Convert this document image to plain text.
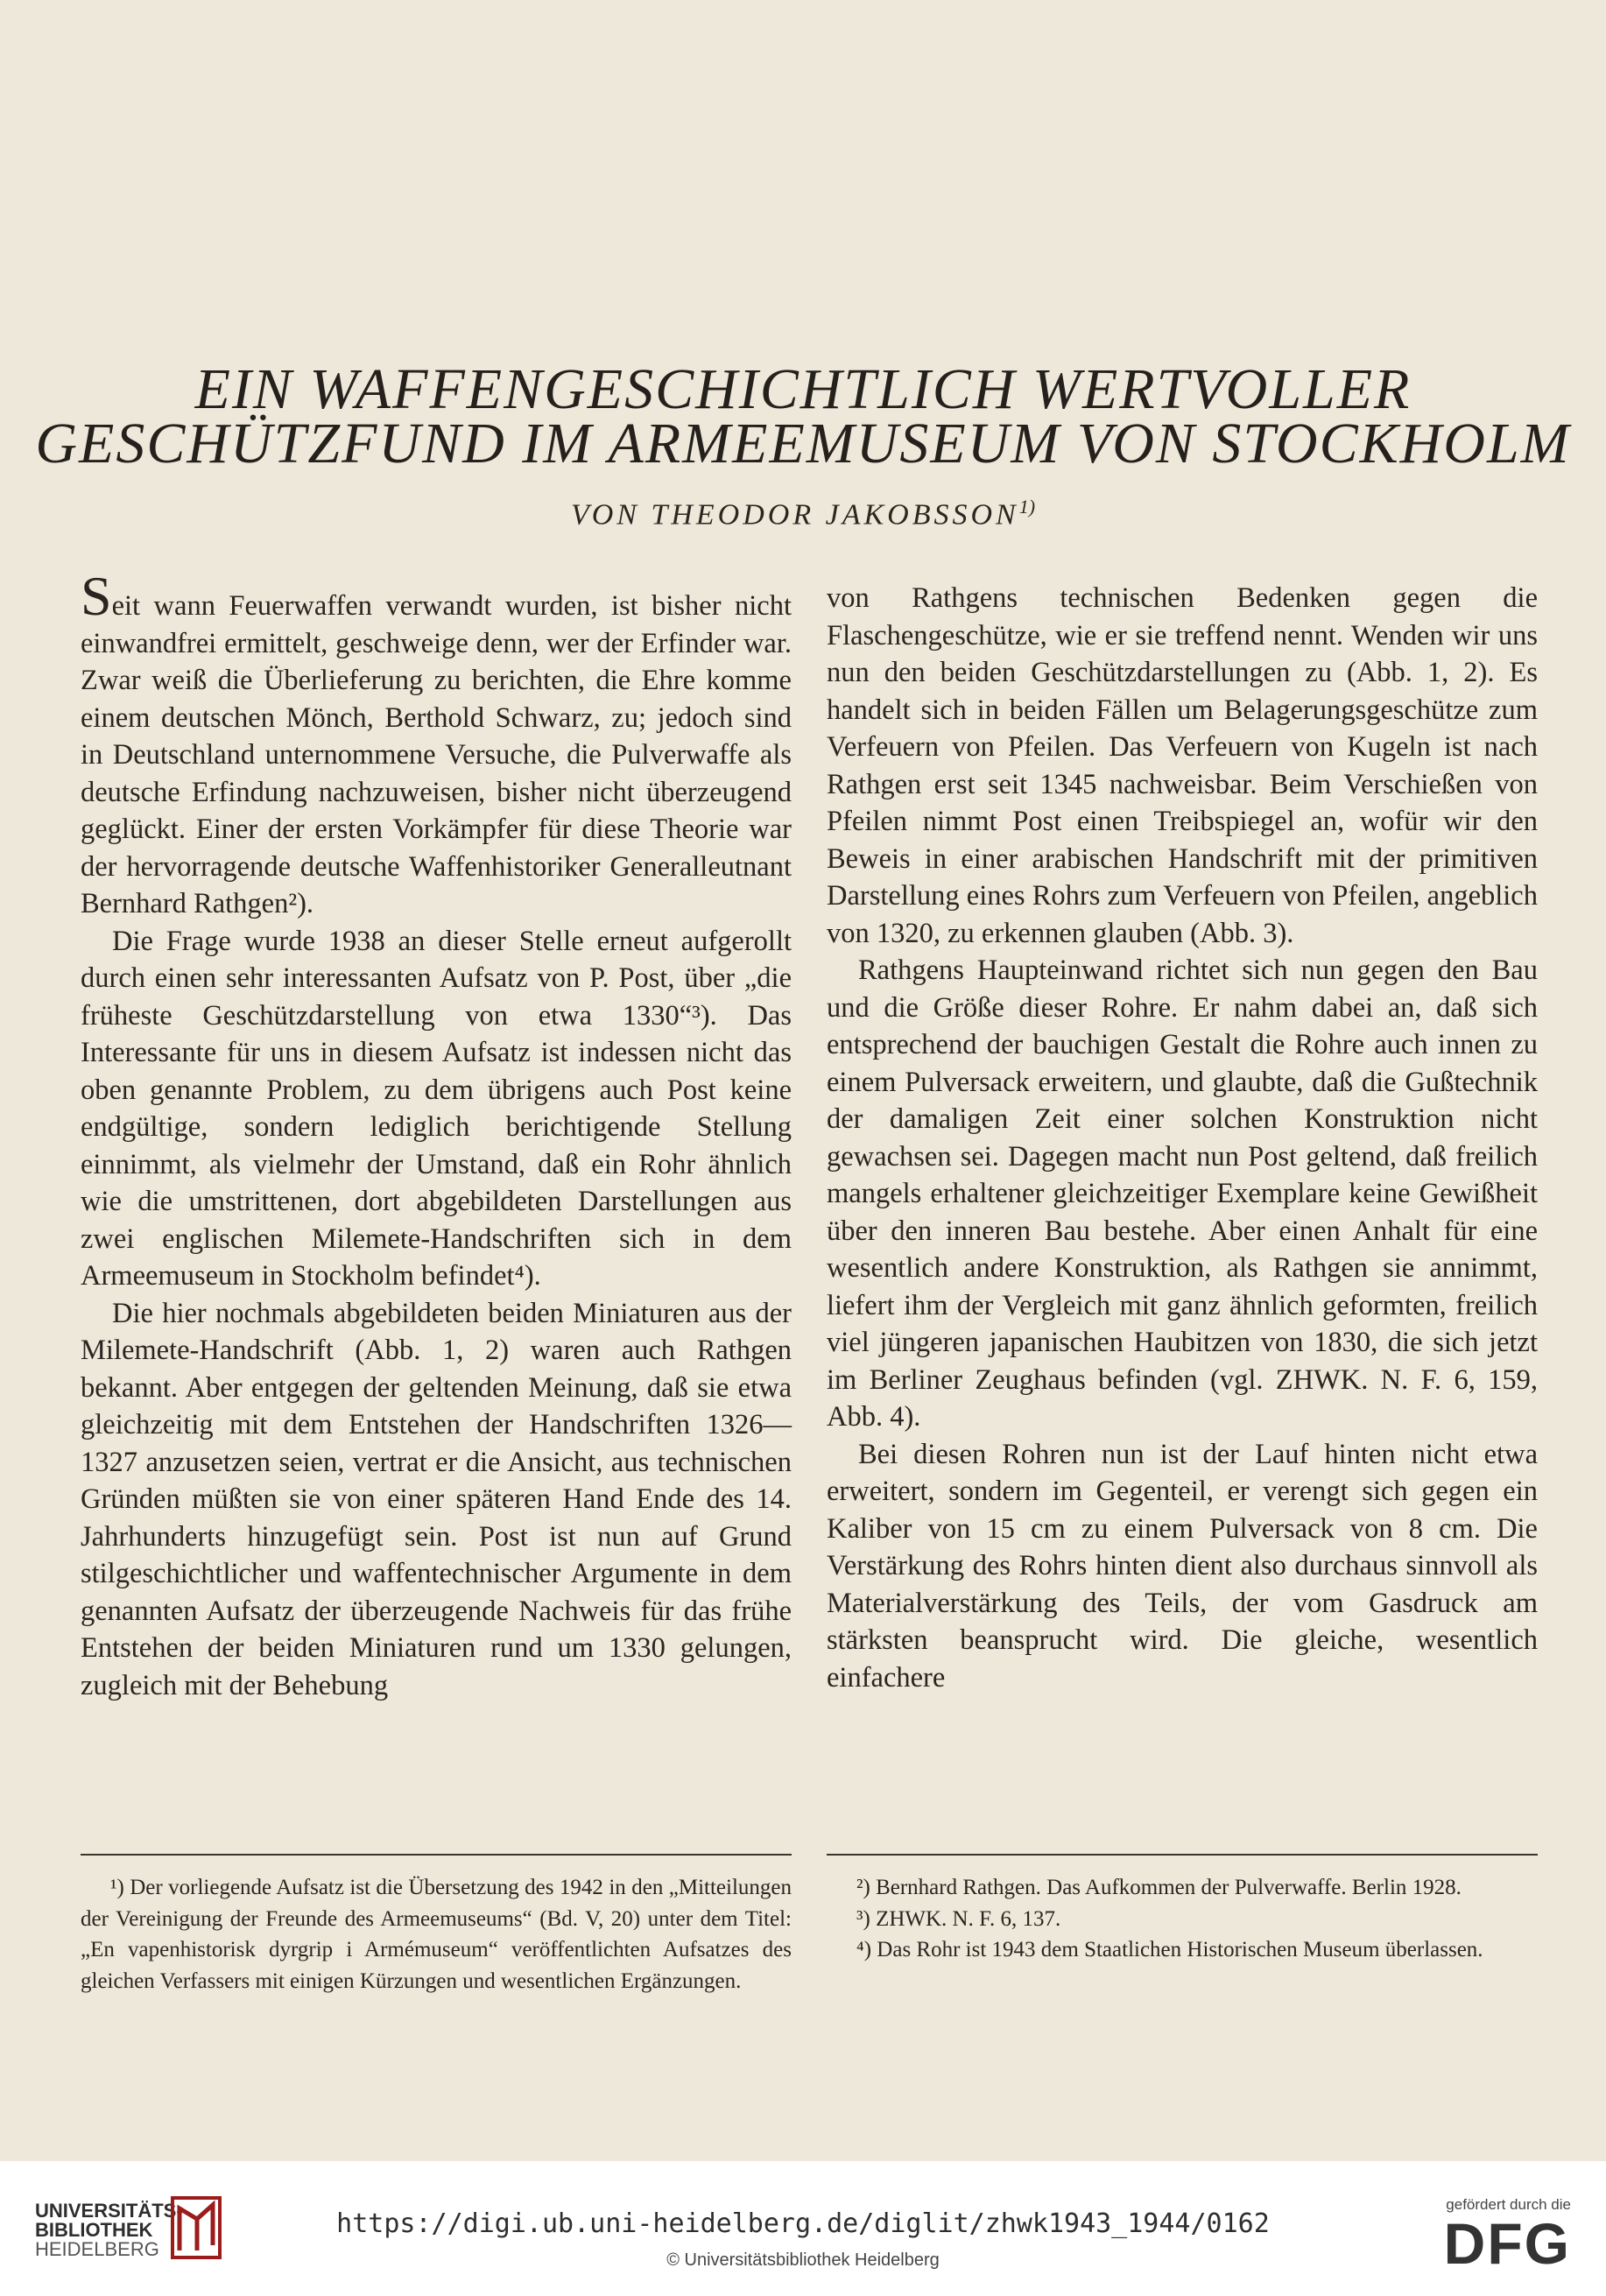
EIN WAFFENGESCHICHTLICH WERTVOLLER
GESCHÜTZFUND IM ARMEEMUSEUM VON STOCKHOLM
VON THEODOR JAKOBSSON$^{1)}$

Seit wann Feuerwaffen verwandt wurden, ist bisher nicht einwandfrei ermittelt, geschweige denn, wer der Erfinder war. Zwar weiß die Überlieferung zu berichten, die Ehre komme einem deutschen Mönch, Berthold Schwarz, zu; jedoch sind in Deutschland unternommene Versuche, die Pulverwaffe als deutsche Erfindung nachzuweisen, bisher nicht überzeugend geglückt. Einer der ersten Vorkämpfer für diese Theorie war der hervorragende deutsche Waffenhistoriker Generalleutnant Bernhard Rathgen²).

Die Frage wurde 1938 an dieser Stelle erneut aufgerollt durch einen sehr interessanten Aufsatz von P. Post, über „die früheste Geschützdarstellung von etwa 1330“³). Das Interessante für uns in diesem Aufsatz ist indessen nicht das oben genannte Problem, zu dem übrigens auch Post keine endgültige, sondern lediglich berichtigende Stellung einnimmt, als vielmehr der Umstand, daß ein Rohr ähnlich wie die umstrittenen, dort abgebildeten Darstellungen aus zwei englischen Milemete-Handschriften sich in dem Armeemuseum in Stockholm befindet⁴).

Die hier nochmals abgebildeten beiden Miniaturen aus der Milemete-Handschrift (Abb. 1, 2) waren auch Rathgen bekannt. Aber entgegen der geltenden Meinung, daß sie etwa gleichzeitig mit dem Entstehen der Handschriften 1326—1327 anzusetzen seien, vertrat er die Ansicht, aus technischen Gründen müßten sie von einer späteren Hand Ende des 14. Jahrhunderts hinzugefügt sein. Post ist nun auf Grund stilgeschichtlicher und waffentechnischer Argumente in dem genannten Aufsatz der überzeugende Nachweis für das frühe Entstehen der beiden Miniaturen rund um 1330 gelungen, zugleich mit der Behebung

von Rathgens technischen Bedenken gegen die Flaschengeschütze, wie er sie treffend nennt. Wenden wir uns nun den beiden Geschützdarstellungen zu (Abb. 1, 2). Es handelt sich in beiden Fällen um Belagerungsgeschütze zum Verfeuern von Pfeilen. Das Verfeuern von Kugeln ist nach Rathgen erst seit 1345 nachweisbar. Beim Verschießen von Pfeilen nimmt Post einen Treibspiegel an, wofür wir den Beweis in einer arabischen Handschrift mit der primitiven Darstellung eines Rohrs zum Verfeuern von Pfeilen, angeblich von 1320, zu erkennen glauben (Abb. 3).

Rathgens Haupteinwand richtet sich nun gegen den Bau und die Größe dieser Rohre. Er nahm dabei an, daß sich entsprechend der bauchigen Gestalt die Rohre auch innen zu einem Pulversack erweitern, und glaubte, daß die Gußtechnik der damaligen Zeit einer solchen Konstruktion nicht gewachsen sei. Dagegen macht nun Post geltend, daß freilich mangels erhaltener gleichzeitiger Exemplare keine Gewißheit über den inneren Bau bestehe. Aber einen Anhalt für eine wesentlich andere Konstruktion, als Rathgen sie annimmt, liefert ihm der Vergleich mit ganz ähnlich geformten, freilich viel jüngeren japanischen Haubitzen von 1830, die sich jetzt im Berliner Zeughaus befinden (vgl. ZHWK. N. F. 6, 159, Abb. 4).

Bei diesen Rohren nun ist der Lauf hinten nicht etwa erweitert, sondern im Gegenteil, er verengt sich gegen ein Kaliber von 15 cm zu einem Pulversack von 8 cm. Die Verstärkung des Rohrs hinten dient also durchaus sinnvoll als Materialverstärkung des Teils, der vom Gasdruck am stärksten beansprucht wird. Die gleiche, wesentlich einfachere

¹) Der vorliegende Aufsatz ist die Übersetzung des 1942 in den „Mitteilungen der Vereinigung der Freunde des Armeemuseums“ (Bd. V, 20) unter dem Titel: „En vapenhistorisk dyrgrip i Armémuseum“ veröffentlichten Aufsatzes des gleichen Verfassers mit einigen Kürzungen und wesentlichen Ergänzungen.

²) Bernhard Rathgen. Das Aufkommen der Pulverwaffe. Berlin 1928.

³) ZHWK. N. F. 6, 137.

⁴) Das Rohr ist 1943 dem Staatlichen Historischen Museum überlassen.

UNIVERSITÄTS-
BIBLIOTHEK
HEIDELBERG
https://digi.ub.uni-heidelberg.de/diglit/zhwk1943_1944/0162
© Universitätsbibliothek Heidelberg
gefördert durch die
DFG
